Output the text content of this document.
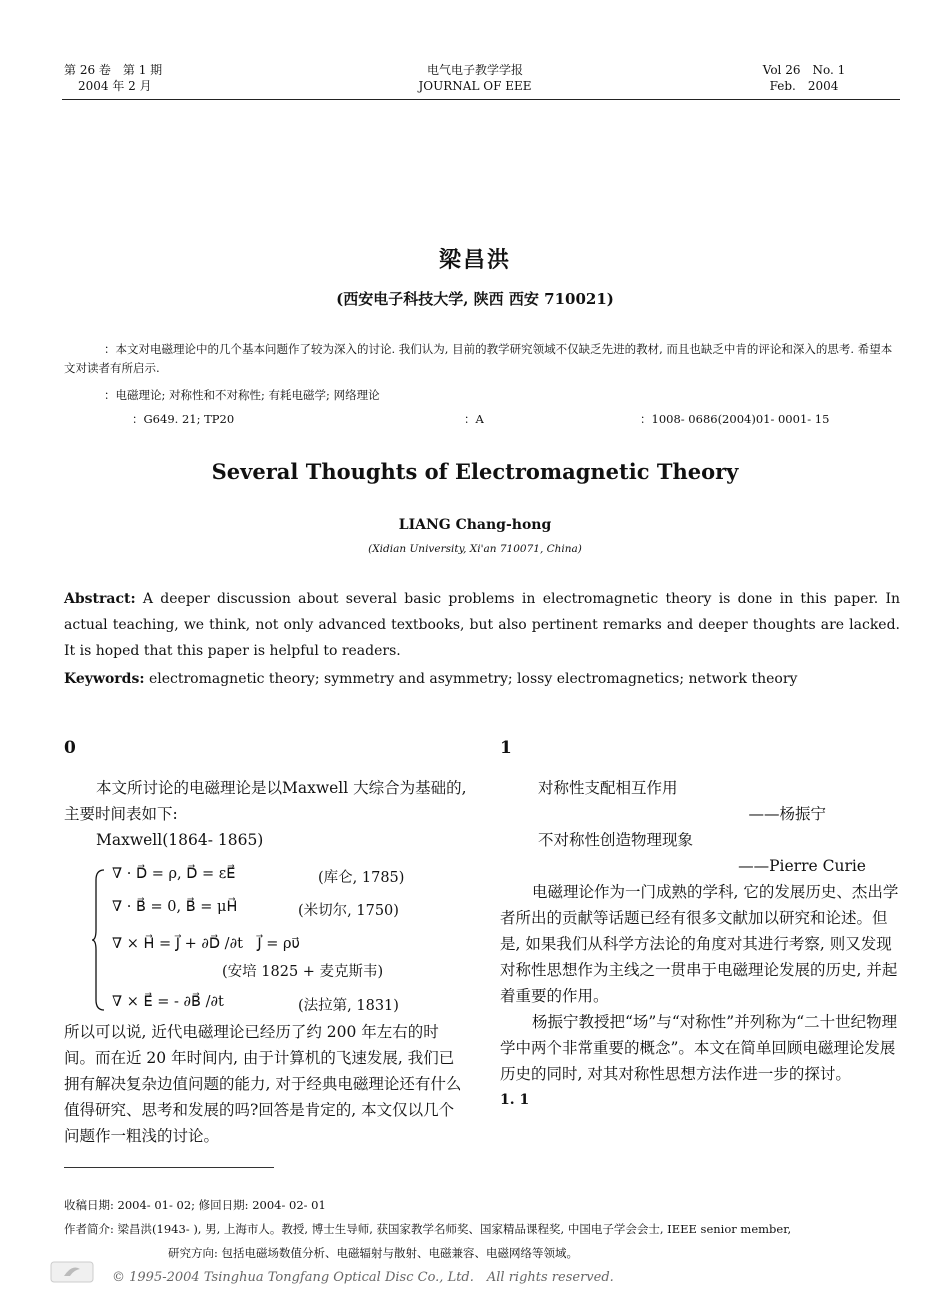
第 26 卷　第 1 期
2004 年 2 月
电气电子教学学报
JOURNAL OF EEE
Vol 26　No. 1
Feb.　2004
梁昌洪
(西安电子科技大学, 陕西 西安 710021)
：本文对电磁理论中的几个基本问题作了较为深入的讨论. 我们认为, 目前的教学研究领域不仅缺乏先进的教材, 而且也缺乏中肯的评论和深入的思考. 希望本文对读者有所启示.
：电磁理论; 对称性和不对称性; 有耗电磁学; 网络理论
：G649. 21; TP20	：A	：1008- 0686(2004)01- 0001- 15
Several Thoughts of Electromagnetic Theory
LIANG Chang-hong
(Xidian University, Xi'an 710071, China)
Abstract: A deeper discussion about several basic problems in electromagnetic theory is done in this paper. In actual teaching, we think, not only advanced textbooks, but also pertinent remarks and deeper thoughts are lacked. It is hoped that this paper is helpful to readers.
Keywords: electromagnetic theory; symmetry and asymmetry; lossy electromagnetics; network theory
0	1

本文所讨论的电磁理论是以Maxwell 大综合为基础的, 主要时间表如下:

Maxwell(1864- 1865)

∇ · D⃗ = ρ, D⃗ = εE⃗	(库仑, 1785)
∇ · B⃗ = 0, B⃗ = μH⃗	(米切尔, 1750)
∇ × H⃗ = J⃗ + ∂D⃗ /∂t　J⃗ = ρυ⃗
(安培 1825 + 麦克斯韦)
∇ × E⃗ = - ∂B⃗ /∂t	(法拉第, 1831)
所以可以说, 近代电磁理论已经历了约 200 年左右的时间。而在近 20 年时间内, 由于计算机的飞速发展, 我们已拥有解决复杂边值问题的能力, 对于经典电磁理论还有什么值得研究、思考和发展的吗?回答是肯定的, 本文仅以几个问题作一粗浅的讨论。

对称性支配相互作用

——杨振宁

不对称性创造物理现象

——Pierre Curie

电磁理论作为一门成熟的学科, 它的发展历史、杰出学者所出的贡献等话题已经有很多文献加以研究和论述。但是, 如果我们从科学方法论的角度对其进行考察, 则又发现对称性思想作为主线之一贯串于电磁理论发展的历史, 并起着重要的作用。

杨振宁教授把“场”与“对称性”并列称为“二十世纪物理学中两个非常重要的概念”。本文在简单回顾电磁理论发展历史的同时, 对其对称性思想方法作进一步的探讨。

1. 1

收稿日期: 2004- 01- 02; 修回日期: 2004- 02- 01
作者简介: 梁昌洪(1943- ), 男, 上海市人。教授, 博士生导师, 获国家教学名师奖、国家精品课程奖, 中国电子学会会士, IEEE senior member,
研究方向: 包括电磁场数值分析、电磁辐射与散射、电磁兼容、电磁网络等领域。
© 1995-2004 Tsinghua Tongfang Optical Disc Co., Ltd.　All rights reserved.
